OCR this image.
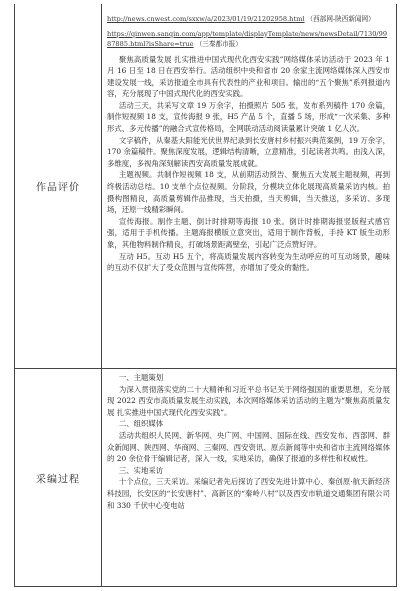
作品评价

http://news.cnwest.com/sxxw/a/2023/01/19/21202958.html （西部网-陕西新闻网）

https://qinwen.sanqin.com/app/template/displayTemplate/news/newsDetail/7130/9987885.html?isShare=true （三秦都市报）

聚焦高质量发展 扎实推进中国式现代化西安实践”网络媒体采访活动于 2023 年 1 月 16 日至 18 日在西安举行。活动组织中央和省市 20 余家主流网络媒体深入西安市建设发展一线，采访报道全市具有代表性的产业和项目。输出的“五个聚焦”系列报道内容，充分展现了中国式现代化的西安实践。

活动三天，共采写文章 19 万余字，拍摄照片 505 张，发布系列稿件 170 余篇，制作短视频 18 支，宣传海报 9 张，H5 产品 5 个，直播 5 场，形成“一次采集、多种形式、多元传播”的融合式宣传格局，全网联动活动阅读量累计突破 1 亿人次。

文字稿件，从秦基大阳能光伏世界纪录到长安唐村乡村振兴典范案例，19 万余字，170 余篇稿件。聚焦深度发展，逻辑结构清晰，立意精准，引起读者共鸣。由浅入深，多维度，多视角深刻解读西安高质量发展成就。

主题视频。共制作短视频 18 支，从前期活动预告、聚焦五大发展主题视频，再到终极活动总结。10 支单个点位视频。分阶段，分模块立体化展现高质量采访内核。拍摄构图精良，高质量剪辑作品推现，当天拍摄，当天剪辑，当天推送，多采访、多现场，还原一线精彩瞬间。

宣传海报。制作主题、倒计时排期等海报 10 张。倒计时排期海报竖版程式感官强，适用于手机传播。主题海报横版立意突出，适用于制作背板，手持 KT 版生动形象，其他物料制作精良，打破场景距离壁垒，引起广泛点赞好评。

互动 H5。互动 H5 五个，将高质量发展内容转变为生动呼应的可互动场景，趣味的互动不仅扩大了受众范围与宣传阵营，亦增加了受众的黏性。

采编过程

一、主题策划

为深入贯彻落实党的二十大精神和习近平总书记关于网络强国的重要思想，充分展现 2022 西安市高质量发展生动实践，本次网络媒体采访活动的主题为“聚焦高质量发展 扎实推进中国式现代化西安实践”。

二、组织媒体

活动共组织人民网、新华网、央广网、中国网、国际在线、西安发布、西部网、群众新闻网、陕西网、华商网、三秦网、西安资讯、原点新闻等中央和省市主流网络媒体的 20 余位骨干编辑记者，深入一线，实地采访，确保了报道的多样性和权威性。

三、实地采访

十个点位，三天采访。采编记者先后探访了西安先进计算中心、秦创原·航天新经济科技园，长安区的“长安唐村”、高新区的“秦岭八村”以及西安市轨道交通集团有限公司和 330 千伏中心变电站
